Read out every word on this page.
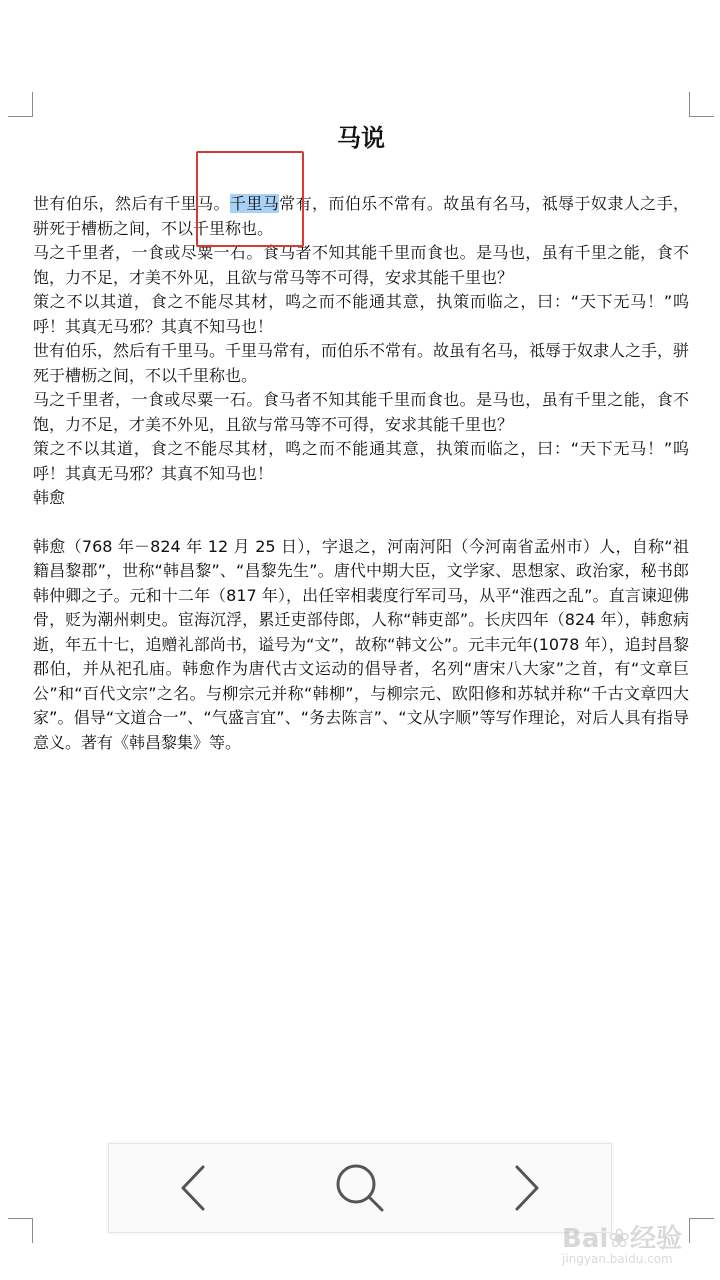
马说

世有伯乐，然后有千里马。千里马常有，而伯乐不常有。故虽有名马，祗辱于奴隶人之手，骈死于槽枥之间，不以千里称也。

马之千里者，一食或尽粟一石。食马者不知其能千里而食也。是马也，虽有千里之能，食不饱，力不足，才美不外见，且欲与常马等不可得，安求其能千里也？

策之不以其道，食之不能尽其材，鸣之而不能通其意，执策而临之，曰：“天下无马！”呜呼！其真无马邪？其真不知马也！

世有伯乐，然后有千里马。千里马常有，而伯乐不常有。故虽有名马，祗辱于奴隶人之手，骈死于槽枥之间，不以千里称也。

马之千里者，一食或尽粟一石。食马者不知其能千里而食也。是马也，虽有千里之能，食不饱，力不足，才美不外见，且欲与常马等不可得，安求其能千里也？

策之不以其道，食之不能尽其材，鸣之而不能通其意，执策而临之，曰：“天下无马！”呜呼！其真无马邪？其真不知马也！

韩愈

韩愈（768 年－824 年 12 月 25 日），字退之，河南河阳（今河南省孟州市）人，自称“祖籍昌黎郡”，世称“韩昌黎”、“昌黎先生”。唐代中期大臣，文学家、思想家、政治家，秘书郎韩仲卿之子。元和十二年（817 年），出任宰相裴度行军司马，从平“淮西之乱”。直言谏迎佛骨，贬为潮州刺史。宦海沉浮，累迁吏部侍郎，人称“韩吏部”。长庆四年（824 年），韩愈病逝，年五十七，追赠礼部尚书，谥号为“文”，故称“韩文公”。元丰元年(1078 年），追封昌黎郡伯，并从祀孔庙。韩愈作为唐代古文运动的倡导者，名列“唐宋八大家”之首，有“文章巨公”和“百代文宗”之名。与柳宗元并称“韩柳”，与柳宗元、欧阳修和苏轼并称“千古文章四大家”。倡导“文道合一”、“气盛言宜”、“务去陈言”、“文从字顺”等写作理论，对后人具有指导意义。著有《韩昌黎集》等。

Bai❀经验
jingyan.baidu.com
